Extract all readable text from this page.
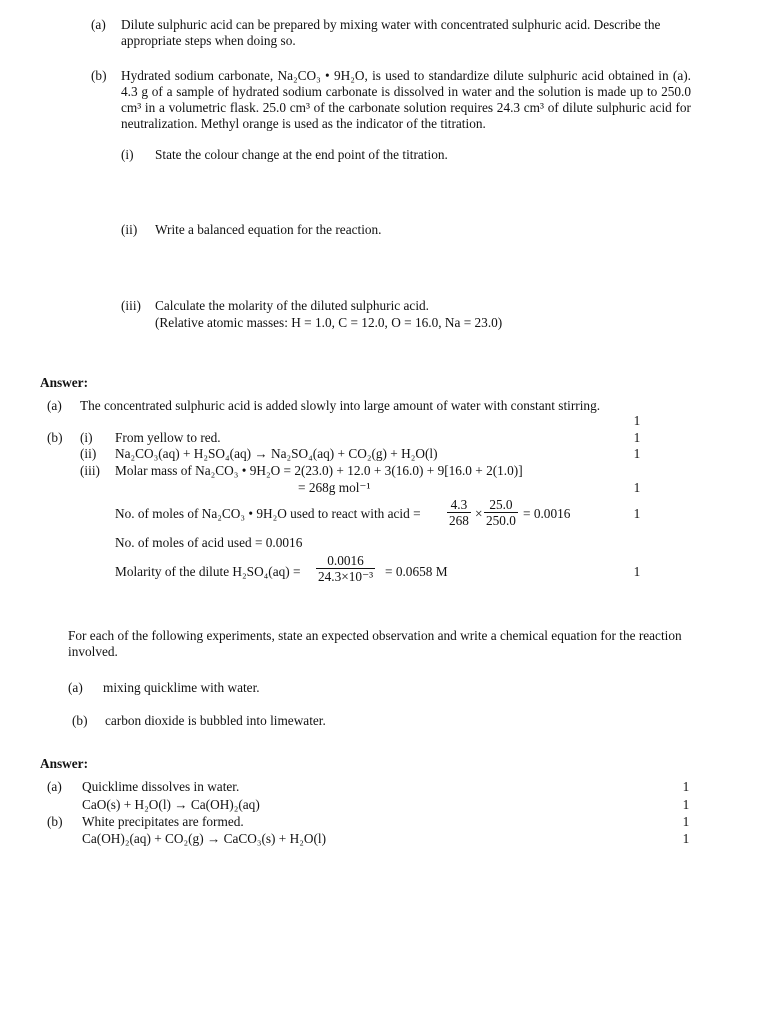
(a) Dilute sulphuric acid can be prepared by mixing water with concentrated sulphuric acid. Describe the appropriate steps when doing so.
(b) Hydrated sodium carbonate, Na₂CO₃ • 9H₂O, is used to standardize dilute sulphuric acid obtained in (a). 4.3 g of a sample of hydrated sodium carbonate is dissolved in water and the solution is made up to 250.0 cm³ in a volumetric flask. 25.0 cm³ of the carbonate solution requires 24.3 cm³ of dilute sulphuric acid for neutralization. Methyl orange is used as the indicator of the titration.
(i) State the colour change at the end point of the titration.
(ii) Write a balanced equation for the reaction.
(iii) Calculate the molarity of the diluted sulphuric acid.
(Relative atomic masses: H = 1.0, C = 12.0, O = 16.0, Na = 23.0)
Answer:
(a) The concentrated sulphuric acid is added slowly into large amount of water with constant stirring.
(b) (i) From yellow to red.
(ii) Na₂CO₃(aq) + H₂SO₄(aq) → Na₂SO₄(aq) + CO₂(g) + H₂O(l)
(iii) Molar mass of Na₂CO₃ • 9H₂O = 2(23.0) + 12.0 + 3(16.0) + 9[16.0 + 2(1.0)]
= 268g mol⁻¹
No. of moles of Na₂CO₃ • 9H₂O used to react with acid = $\frac{4.3}{268} \times \frac{25.0}{250.0} = 0.0016$
No. of moles of acid used = 0.0016
Molarity of the dilute $H_2SO_4(aq) = \frac{0.0016}{\text{24.3×10⁻³}} = 0.0658$ M
1
1
1
1
1
1
For each of the following experiments, state an expected observation and write a chemical equation for the reaction involved.
(a) mixing quicklime with water.
(b) carbon dioxide is bubbled into limewater.
Answer:
(a) Quicklime dissolves in water.
CaO(s) + H₂O(l) → Ca(OH)₂(aq)
(b) White precipitates are formed.
Ca(OH)₂(aq) + CO₂(g) → CaCO₃(s) + H₂O(l)
1
1
1
1
